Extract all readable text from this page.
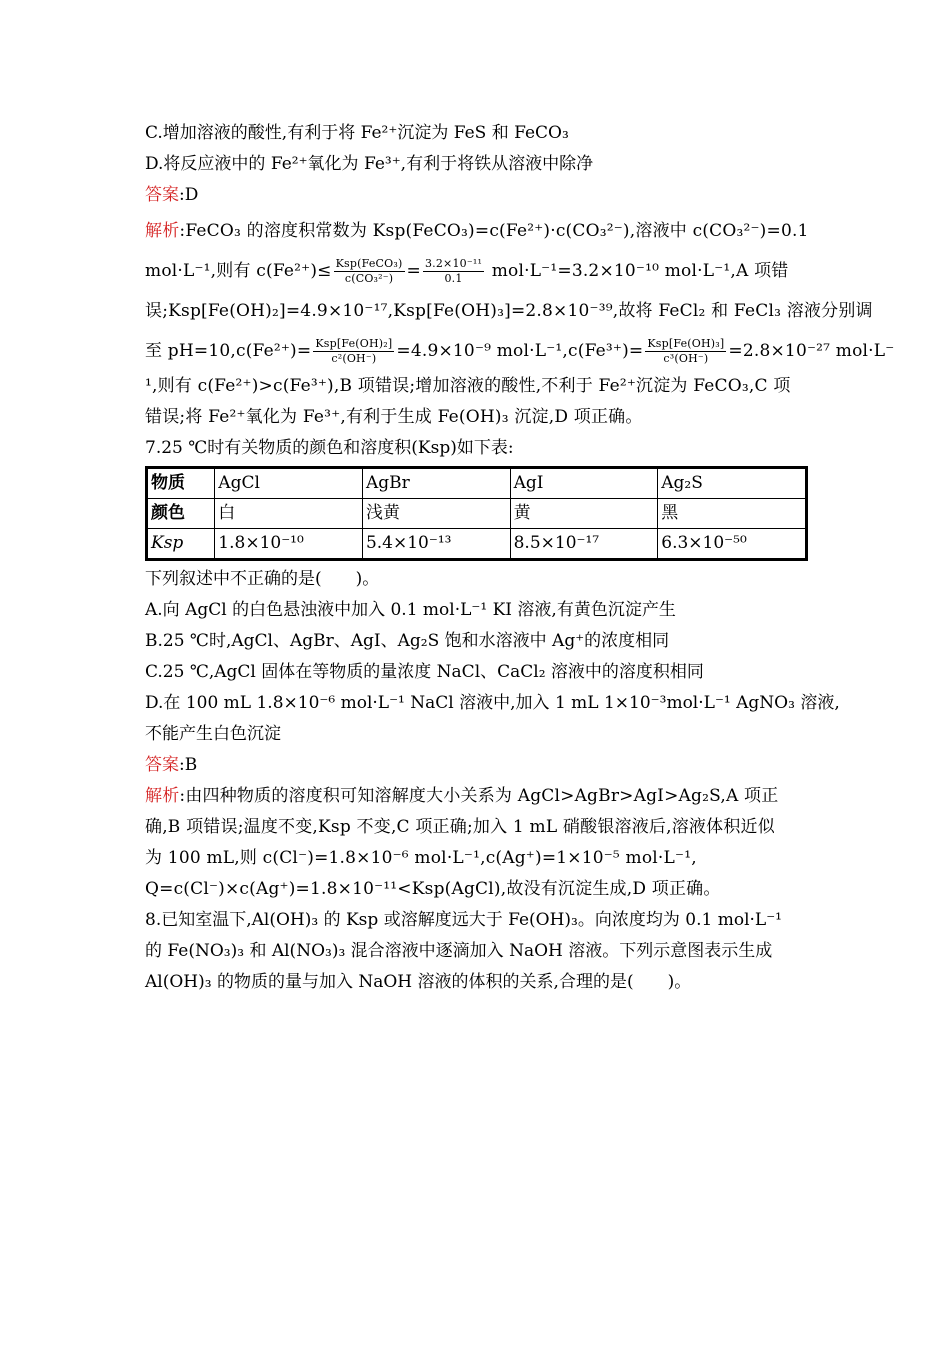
C.增加溶液的酸性,有利于将 Fe²⁺沉淀为 FeS 和 FeCO₃
D.将反应液中的 Fe²⁺氧化为 Fe³⁺,有利于将铁从溶液中除净
答案:D
解析:FeCO₃ 的溶度积常数为 Ksp(FeCO₃)=c(Fe²⁺)·c(CO₃²⁻),溶液中 c(CO₃²⁻)=0.1
mol·L⁻¹,则有 $c(Fe^{2+})\le \frac{\text{Ksp(FeCO₃)}}{\text{c(CO₃²⁻)}} = \frac{\text{3.2×10⁻¹¹}}{0.1} mol\cdot L^{-1}=3.2\times 10^{-10}$ mol·L⁻¹,A 项错
误;Ksp[Fe(OH)₂]=4.9×10⁻¹⁷,Ksp[Fe(OH)₃]=2.8×10⁻³⁹,故将 FeCl₂ 和 FeCl₃ 溶液分别调
至 $pH=10,c(Fe^{2+})= \frac{\text{Ksp[Fe(OH)₂]}}{\text{c²(OH⁻)}} =4.9\times 10^{-9}$ $mol\cdot L^{-1},c(Fe^{3+})= \frac{\text{Ksp[Fe(OH)₃]}}{\text{c³(OH⁻)}} =2.8\times 10^{-27}$ mol·L⁻
¹,则有 c(Fe²⁺)>c(Fe³⁺),B 项错误;增加溶液的酸性,不利于 Fe²⁺沉淀为 FeCO₃,C 项
错误;将 Fe²⁺氧化为 Fe³⁺,有利于生成 Fe(OH)₃ 沉淀,D 项正确。
7.25 ℃时有关物质的颜色和溶度积(Ksp)如下表:
物质	AgCl	AgBr	AgI	Ag₂S
颜色	白	浅黄	黄	黑
Ksp	1.8×10⁻¹⁰	5.4×10⁻¹³	8.5×10⁻¹⁷	6.3×10⁻⁵⁰
下列叙述中不正确的是(　　)。
A.向 AgCl 的白色悬浊液中加入 0.1 mol·L⁻¹ KI 溶液,有黄色沉淀产生
B.25 ℃时,AgCl、AgBr、AgI、Ag₂S 饱和水溶液中 Ag⁺的浓度相同
C.25 ℃,AgCl 固体在等物质的量浓度 NaCl、CaCl₂ 溶液中的溶度积相同
D.在 100 mL 1.8×10⁻⁶ mol·L⁻¹ NaCl 溶液中,加入 1 mL 1×10⁻³mol·L⁻¹ AgNO₃ 溶液,
不能产生白色沉淀
答案:B
解析:由四种物质的溶度积可知溶解度大小关系为 AgCl>AgBr>AgI>Ag₂S,A 项正
确,B 项错误;温度不变,Ksp 不变,C 项正确;加入 1 mL 硝酸银溶液后,溶液体积近似
为 100 mL,则 c(Cl⁻)=1.8×10⁻⁶ mol·L⁻¹,c(Ag⁺)=1×10⁻⁵ mol·L⁻¹,
Q=c(Cl⁻)×c(Ag⁺)=1.8×10⁻¹¹<Ksp(AgCl),故没有沉淀生成,D 项正确。
8.已知室温下,Al(OH)₃ 的 Ksp 或溶解度远大于 Fe(OH)₃。向浓度均为 0.1 mol·L⁻¹
的 Fe(NO₃)₃ 和 Al(NO₃)₃ 混合溶液中逐滴加入 NaOH 溶液。下列示意图表示生成
Al(OH)₃ 的物质的量与加入 NaOH 溶液的体积的关系,合理的是(　　)。
